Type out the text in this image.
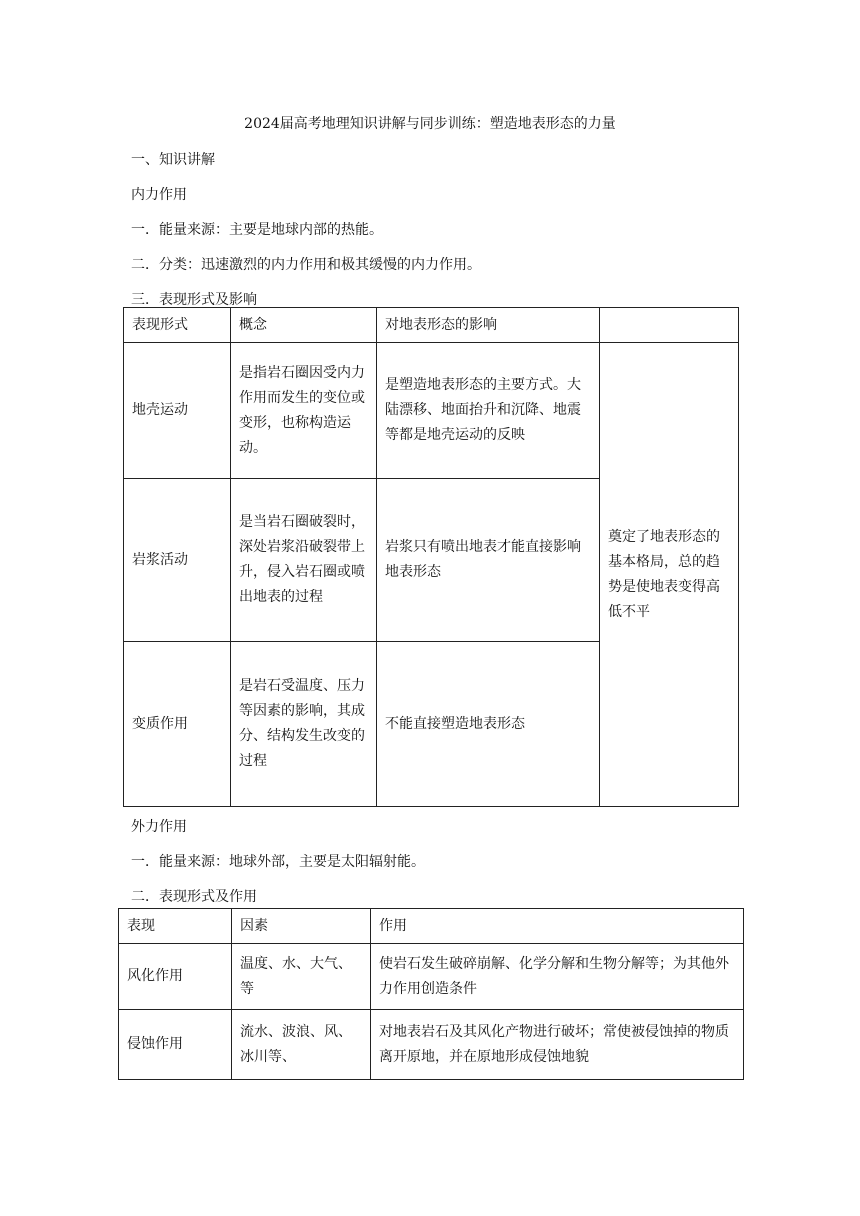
2024届高考地理知识讲解与同步训练：塑造地表形态的力量
一、知识讲解
内力作用
一．能量来源：主要是地球内部的热能。
二．分类：迅速激烈的内力作用和极其缓慢的内力作用。
三．表现形式及影响
表现形式	概念	对地表形态的影响	
地壳运动	是指岩石圈因受内力作用而发生的变位或变形，也称构造运动。	是塑造地表形态的主要方式。大陆漂移、地面抬升和沉降、地震等都是地壳运动的反映	奠定了地表形态的基本格局，总的趋势是使地表变得高低不平
岩浆活动	是当岩石圈破裂时，深处岩浆沿破裂带上升，侵入岩石圈或喷出地表的过程	岩浆只有喷出地表才能直接影响地表形态	
变质作用	是岩石受温度、压力等因素的影响，其成分、结构发生改变的过程	不能直接塑造地表形态	
外力作用
一．能量来源：地球外部，主要是太阳辐射能。
二．表现形式及作用
表现	因素	作用
风化作用	温度、水、大气、等	使岩石发生破碎崩解、化学分解和生物分解等；为其他外力作用创造条件
侵蚀作用	流水、波浪、风、冰川等、	对地表岩石及其风化产物进行破坏；常使被侵蚀掉的物质离开原地，并在原地形成侵蚀地貌
